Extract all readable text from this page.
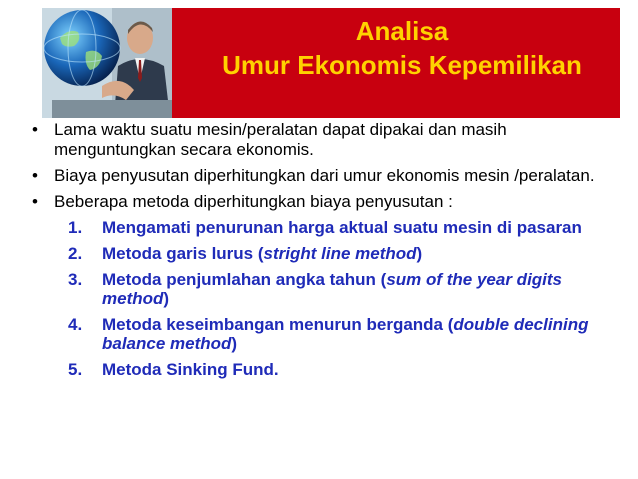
Analisa
Umur Ekonomis Kepemilikan
• Lama waktu suatu mesin/peralatan dapat dipakai dan masih menguntungkan secara ekonomis.
• Biaya penyusutan diperhitungkan dari umur ekonomis mesin /peralatan.
• Beberapa metoda diperhitungkan biaya penyusutan :
1. Mengamati penurunan harga aktual suatu mesin di pasaran
2. Metoda garis lurus (stright line method)
3. Metoda penjumlahan angka tahun (sum of the year digits method)
4. Metoda keseimbangan menurun berganda (double declining balance method)
5. Metoda Sinking Fund.
